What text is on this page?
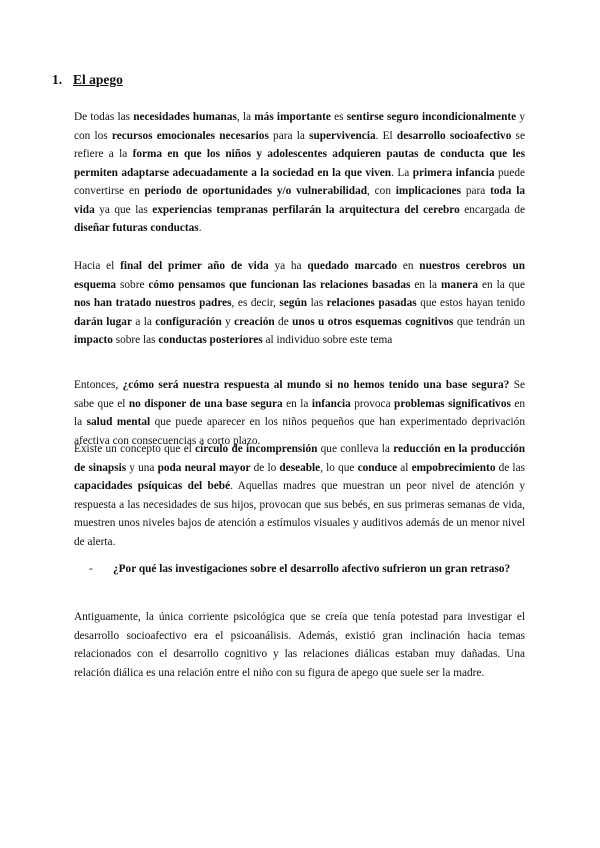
1. El apego

De todas las necesidades humanas, la más importante es sentirse seguro incondicionalmente y con los recursos emocionales necesarios para la supervivencia. El desarrollo socioafectivo se refiere a la forma en que los niños y adolescentes adquieren pautas de conducta que les permiten adaptarse adecuadamente a la sociedad en la que viven. La primera infancia puede convertirse en periodo de oportunidades y/o vulnerabilidad, con implicaciones para toda la vida ya que las experiencias tempranas perfilarán la arquitectura del cerebro encargada de diseñar futuras conductas.

Hacia el final del primer año de vida ya ha quedado marcado en nuestros cerebros un esquema sobre cómo pensamos que funcionan las relaciones basadas en la manera en la que nos han tratado nuestros padres, es decir, según las relaciones pasadas que estos hayan tenido darán lugar a la configuración y creación de unos u otros esquemas cognitivos que tendrán un impacto sobre las conductas posteriores al individuo sobre este tema

Entonces, ¿cómo será nuestra respuesta al mundo si no hemos tenido una base segura? Se sabe que el no disponer de una base segura en la infancia provoca problemas significativos en la salud mental que puede aparecer en los niños pequeños que han experimentado deprivación afectiva con consecuencias a corto plazo.

Existe un concepto que el círculo de incomprensión que conlleva la reducción en la producción de sinapsis y una poda neural mayor de lo deseable, lo que conduce al empobrecimiento de las capacidades psíquicas del bebé. Aquellas madres que muestran un peor nivel de atención y respuesta a las necesidades de sus hijos, provocan que sus bebés, en sus primeras semanas de vida, muestren unos niveles bajos de atención a estímulos visuales y auditivos además de un menor nivel de alerta.

- ¿Por qué las investigaciones sobre el desarrollo afectivo sufrieron un gran retraso?

Antiguamente, la única corriente psicológica que se creía que tenía potestad para investigar el desarrollo socioafectivo era el psicoanálisis. Además, existió gran inclinación hacia temas relacionados con el desarrollo cognitivo y las relaciones diálicas estaban muy dañadas. Una relación diálica es una relación entre el niño con su figura de apego que suele ser la madre.
